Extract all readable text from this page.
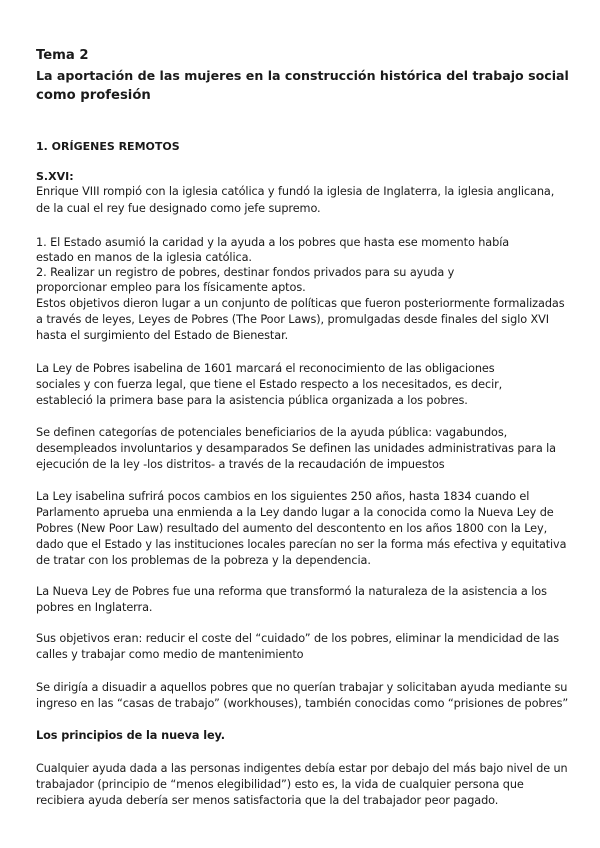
Tema 2
La aportación de las mujeres en la construcción histórica del trabajo social
como profesión
1. ORÍGENES REMOTOS
S.XVI:
Enrique VIII rompió con la iglesia católica y fundó la iglesia de Inglaterra, la iglesia anglicana,
de la cual el rey fue designado como jefe supremo.
1. El Estado asumió la caridad y la ayuda a los pobres que hasta ese momento había
estado en manos de la iglesia católica.
2. Realizar un registro de pobres, destinar fondos privados para su ayuda y
proporcionar empleo para los físicamente aptos.
Estos objetivos dieron lugar a un conjunto de políticas que fueron posteriormente formalizadas
a través de leyes, Leyes de Pobres (The Poor Laws), promulgadas desde finales del siglo XVI
hasta el surgimiento del Estado de Bienestar.
La Ley de Pobres isabelina de 1601 marcará el reconocimiento de las obligaciones
sociales y con fuerza legal, que tiene el Estado respecto a los necesitados, es decir,
estableció la primera base para la asistencia pública organizada a los pobres.
Se definen categorías de potenciales beneficiarios de la ayuda pública: vagabundos,
desempleados involuntarios y desamparados Se definen las unidades administrativas para la
ejecución de la ley -los distritos- a través de la recaudación de impuestos
La Ley isabelina sufrirá pocos cambios en los siguientes 250 años, hasta 1834 cuando el
Parlamento aprueba una enmienda a la Ley dando lugar a la conocida como la Nueva Ley de
Pobres (New Poor Law) resultado del aumento del descontento en los años 1800 con la Ley,
dado que el Estado y las instituciones locales parecían no ser la forma más efectiva y equitativa
de tratar con los problemas de la pobreza y la dependencia.
La Nueva Ley de Pobres fue una reforma que transformó la naturaleza de la asistencia a los
pobres en Inglaterra.
Sus objetivos eran: reducir el coste del “cuidado” de los pobres, eliminar la mendicidad de las
calles y trabajar como medio de mantenimiento
Se dirigía a disuadir a aquellos pobres que no querían trabajar y solicitaban ayuda mediante su
ingreso en las “casas de trabajo” (workhouses), también conocidas como “prisiones de pobres”
Los principios de la nueva ley.
Cualquier ayuda dada a las personas indigentes debía estar por debajo del más bajo nivel de un
trabajador (principio de “menos elegibilidad”) esto es, la vida de cualquier persona que
recibiera ayuda debería ser menos satisfactoria que la del trabajador peor pagado.
